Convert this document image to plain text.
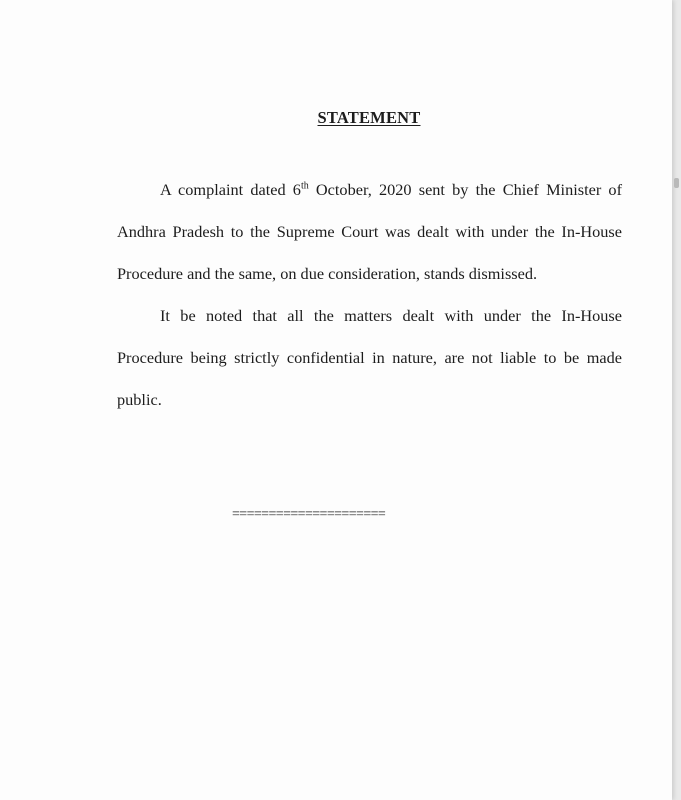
STATEMENT

A complaint dated 6th October, 2020 sent by the Chief Minister of Andhra Pradesh to the Supreme Court was dealt with under the In-House Procedure and the same, on due consideration, stands dismissed.

It be noted that all the matters dealt with under the In-House Procedure being strictly confidential in nature, are not liable to be made public.

=====================
